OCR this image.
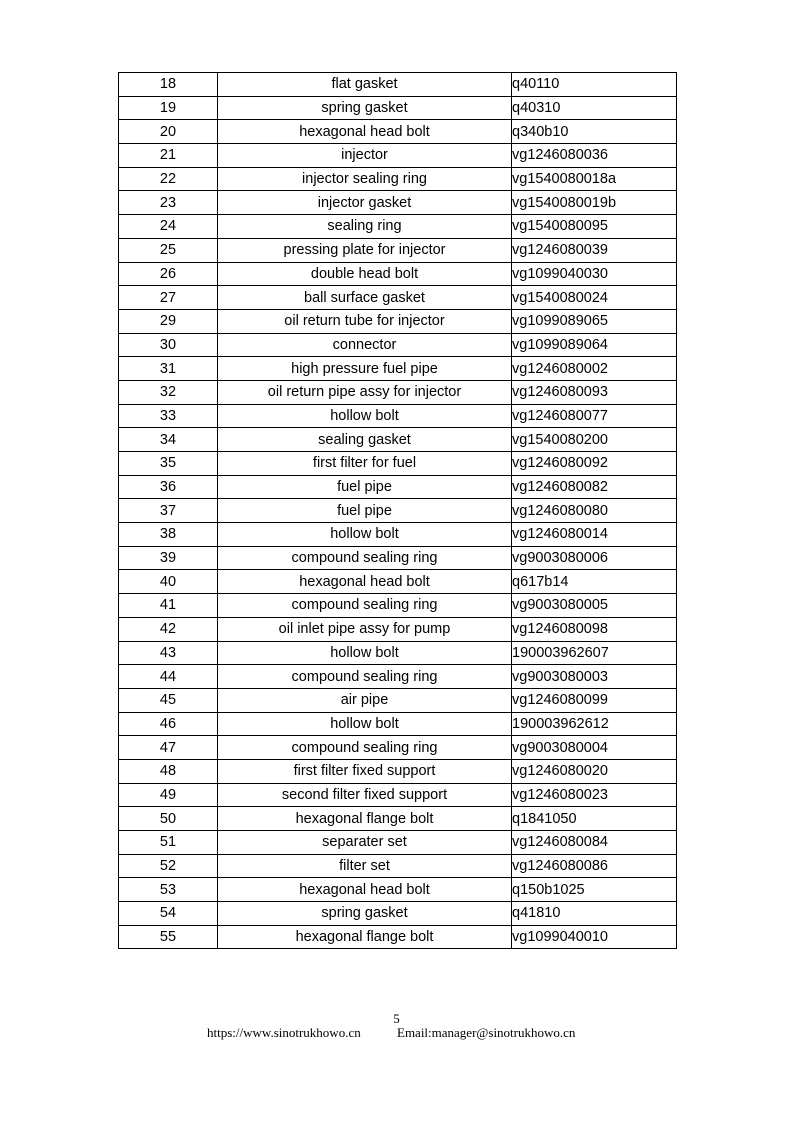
18	flat gasket	q40110
19	spring gasket	q40310
20	hexagonal head bolt	q340b10
21	injector	vg1246080036
22	injector sealing ring	vg1540080018a
23	injector gasket	vg1540080019b
24	sealing ring	vg1540080095
25	pressing plate for injector	vg1246080039
26	double head bolt	vg1099040030
27	ball surface gasket	vg1540080024
29	oil return tube for injector	vg1099089065
30	connector	vg1099089064
31	high pressure fuel pipe	vg1246080002
32	oil return pipe assy for injector	vg1246080093
33	hollow bolt	vg1246080077
34	sealing gasket	vg1540080200
35	first filter for fuel	vg1246080092
36	fuel pipe	vg1246080082
37	fuel pipe	vg1246080080
38	hollow bolt	vg1246080014
39	compound sealing ring	vg9003080006
40	hexagonal head bolt	q617b14
41	compound sealing ring	vg9003080005
42	oil inlet pipe assy for pump	vg1246080098
43	hollow bolt	190003962607
44	compound sealing ring	vg9003080003
45	air pipe	vg1246080099
46	hollow bolt	190003962612
47	compound sealing ring	vg9003080004
48	first filter fixed support	vg1246080020
49	second filter fixed support	vg1246080023
50	hexagonal flange bolt	q1841050
51	separater set	vg1246080084
52	filter set	vg1246080086
53	hexagonal head bolt	q150b1025
54	spring gasket	q41810
55	hexagonal flange bolt	vg1099040010
5
https://www.sinotrukhowo.cn	Email:manager@sinotrukhowo.cn
